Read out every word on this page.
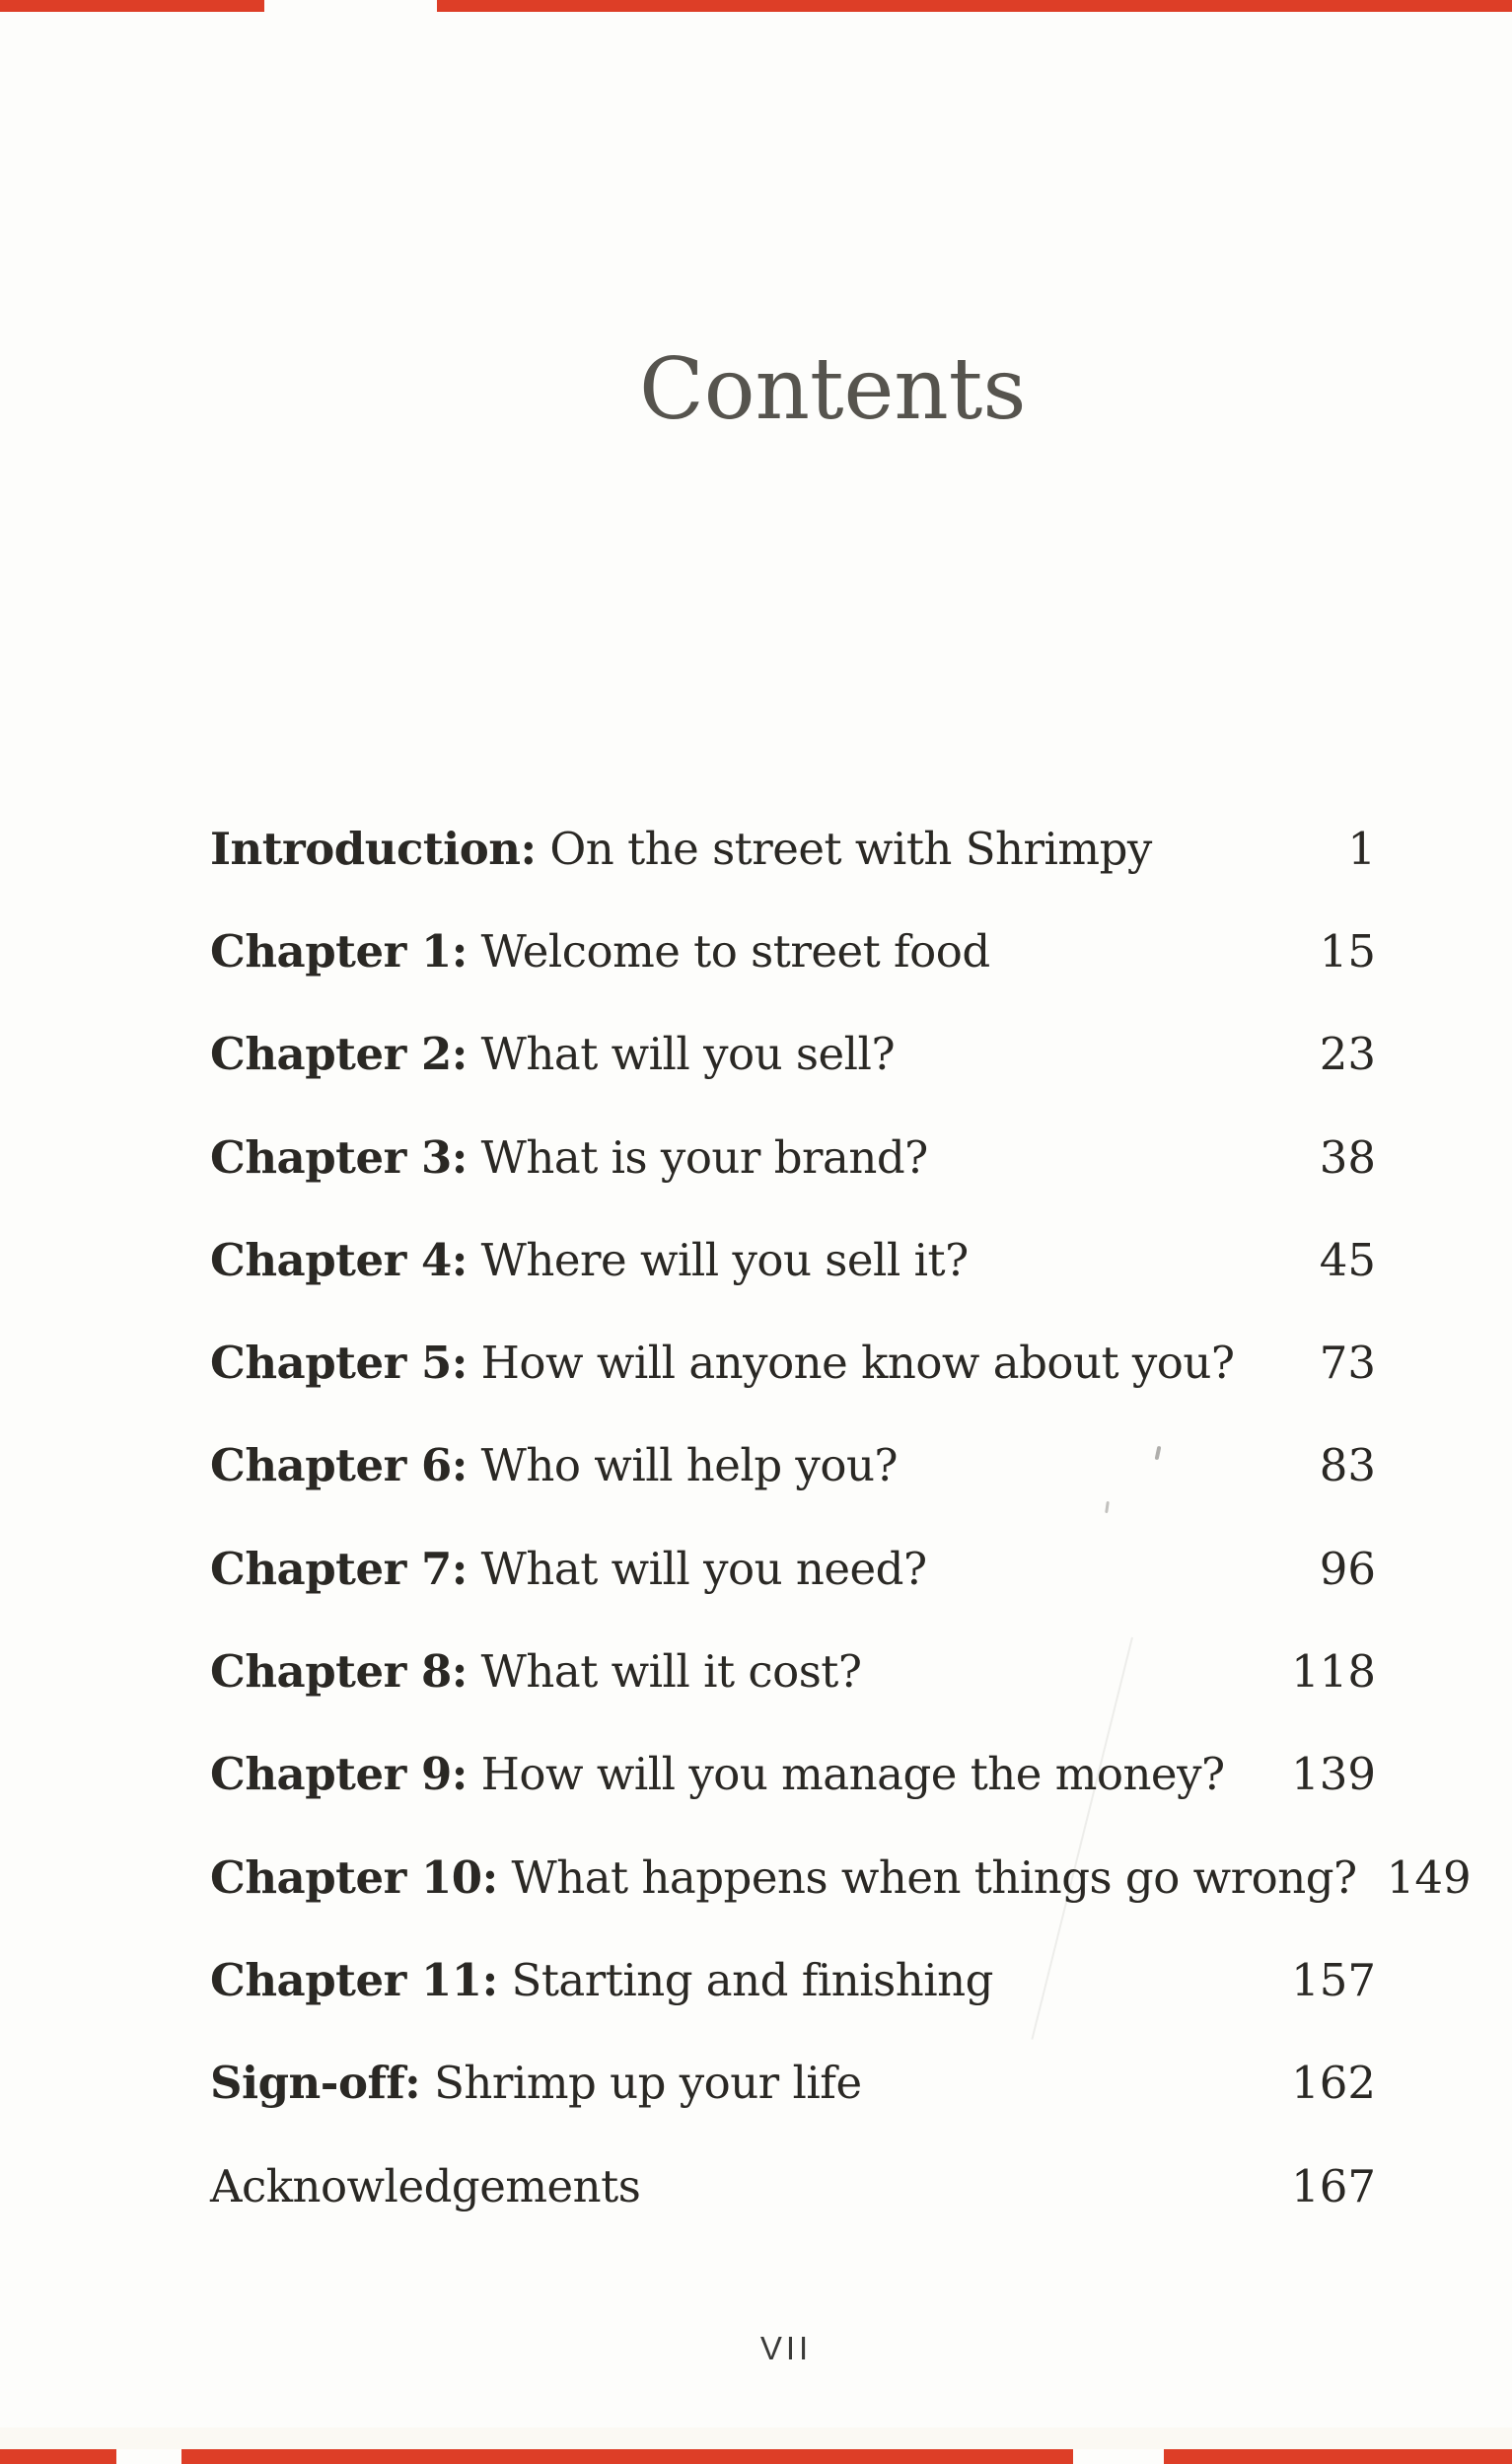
Contents
Introduction: On the street with Shrimpy	1
Chapter 1: Welcome to street food	15
Chapter 2: What will you sell?	23
Chapter 3: What is your brand?	38
Chapter 4: Where will you sell it?	45
Chapter 5: How will anyone know about you? 73
Chapter 6: Who will help you?	83
Chapter 7: What will you need?	96
Chapter 8: What will it cost?	118
Chapter 9: How will you manage the money? 139
Chapter 10: What happens when things go wrong? 149
Chapter 11: Starting and finishing	157
Sign-off: Shrimp up your life	162
Acknowledgements	167
VII
